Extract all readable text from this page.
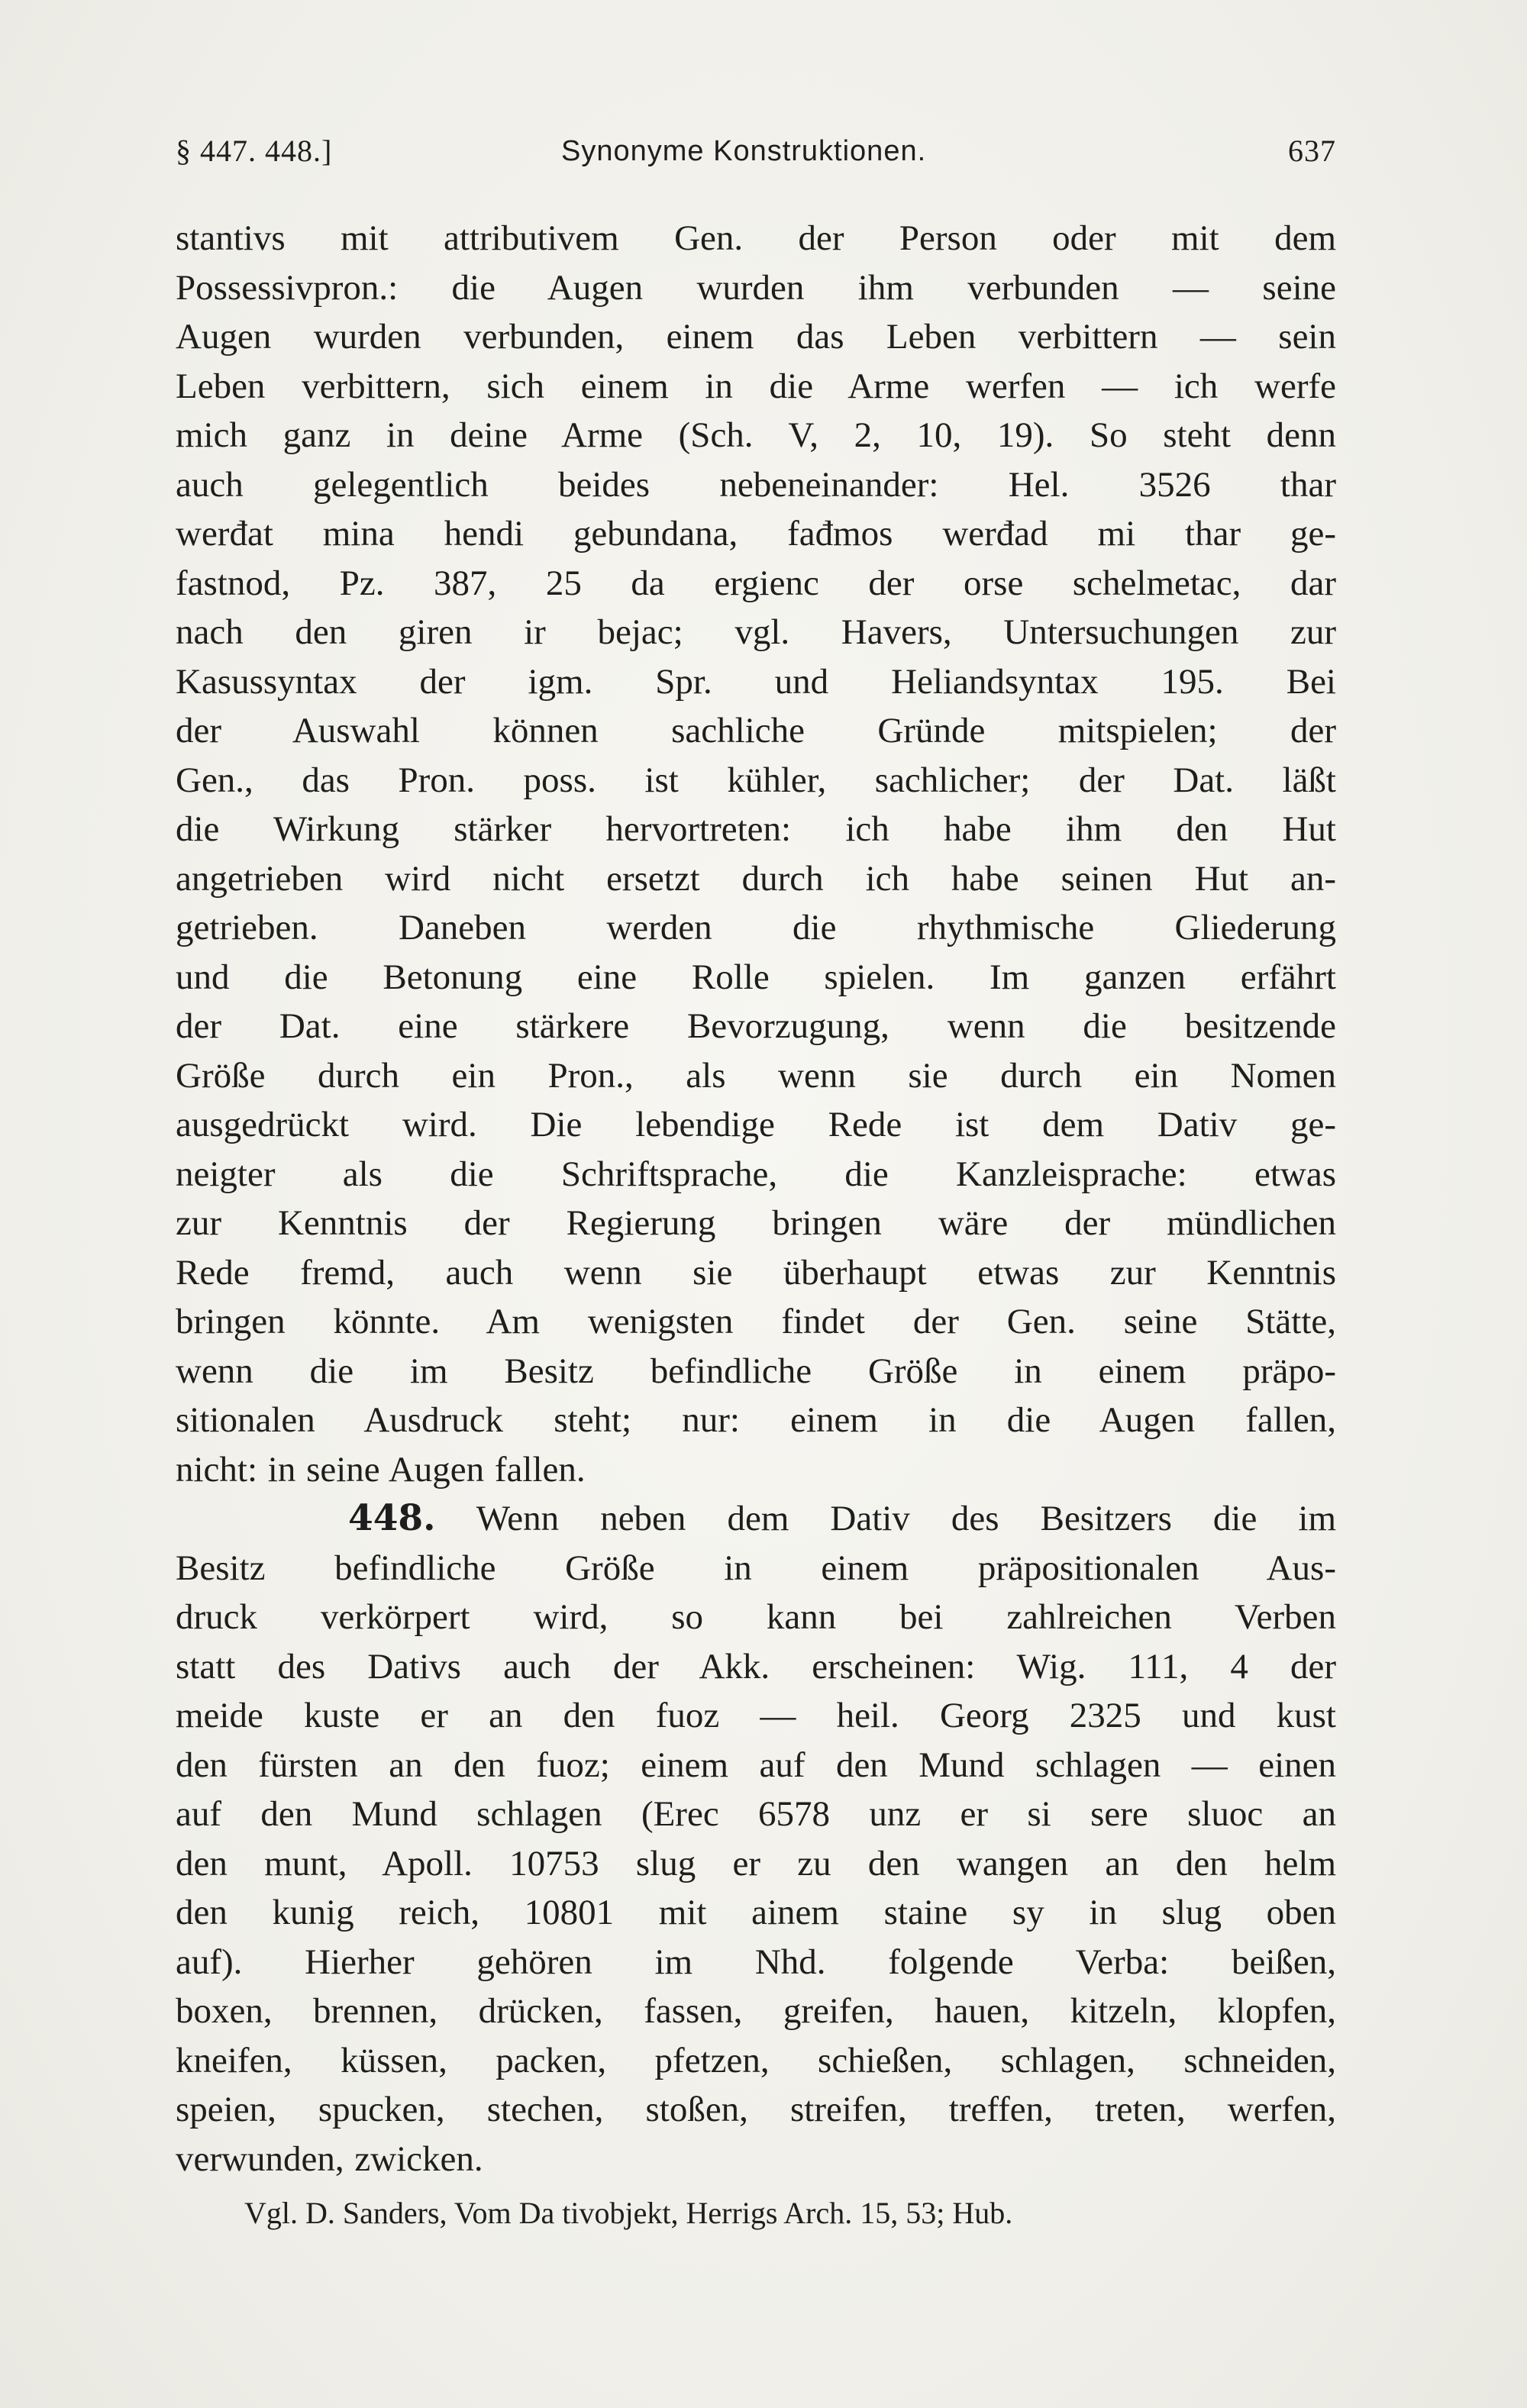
§ 447. 448.]	Synonyme Konstruktionen.	637
stantivs mit attributivem Gen. der Person oder mit dem
Possessivpron.: die Augen wurden ihm verbunden — seine
Augen wurden verbunden, einem das Leben verbittern — sein
Leben verbittern, sich einem in die Arme werfen — ich werfe
mich ganz in deine Arme (Sch. V, 2, 10, 19). So steht denn
auch gelegentlich beides nebeneinander: Hel. 3526 thar
werđat mina hendi gebundana, fađmos werđad mi thar ge-
fastnod, Pz. 387, 25 da ergienc der orse schelmetac, dar
nach den giren ir bejac; vgl. Havers, Untersuchungen zur
Kasussyntax der igm. Spr. und Heliandsyntax 195. Bei
der Auswahl können sachliche Gründe mitspielen; der
Gen., das Pron. poss. ist kühler, sachlicher; der Dat. läßt
die Wirkung stärker hervortreten: ich habe ihm den Hut
angetrieben wird nicht ersetzt durch ich habe seinen Hut an-
getrieben. Daneben werden die rhythmische Gliederung
und die Betonung eine Rolle spielen. Im ganzen erfährt
der Dat. eine stärkere Bevorzugung, wenn die besitzende
Größe durch ein Pron., als wenn sie durch ein Nomen
ausgedrückt wird. Die lebendige Rede ist dem Dativ ge-
neigter als die Schriftsprache, die Kanzleisprache: etwas
zur Kenntnis der Regierung bringen wäre der mündlichen
Rede fremd, auch wenn sie überhaupt etwas zur Kenntnis
bringen könnte. Am wenigsten findet der Gen. seine Stätte,
wenn die im Besitz befindliche Größe in einem präpo-
sitionalen Ausdruck steht; nur: einem in die Augen fallen,
nicht: in seine Augen fallen.
448. Wenn neben dem Dativ des Besitzers die im
Besitz befindliche Größe in einem präpositionalen Aus-
druck verkörpert wird, so kann bei zahlreichen Verben
statt des Dativs auch der Akk. erscheinen: Wig. 111, 4 der
meide kuste er an den fuoz — heil. Georg 2325 und kust
den fürsten an den fuoz; einem auf den Mund schlagen — einen
auf den Mund schlagen (Erec 6578 unz er si sere sluoc an
den munt, Apoll. 10753 slug er zu den wangen an den helm
den kunig reich, 10801 mit ainem staine sy in slug oben
auf). Hierher gehören im Nhd. folgende Verba: beißen,
boxen, brennen, drücken, fassen, greifen, hauen, kitzeln, klopfen,
kneifen, küssen, packen, pfetzen, schießen, schlagen, schneiden,
speien, spucken, stechen, stoßen, streifen, treffen, treten, werfen,
verwunden, zwicken.
Vgl. D. Sanders, Vom Da tivobjekt, Herrigs Arch. 15, 53; Hub.
